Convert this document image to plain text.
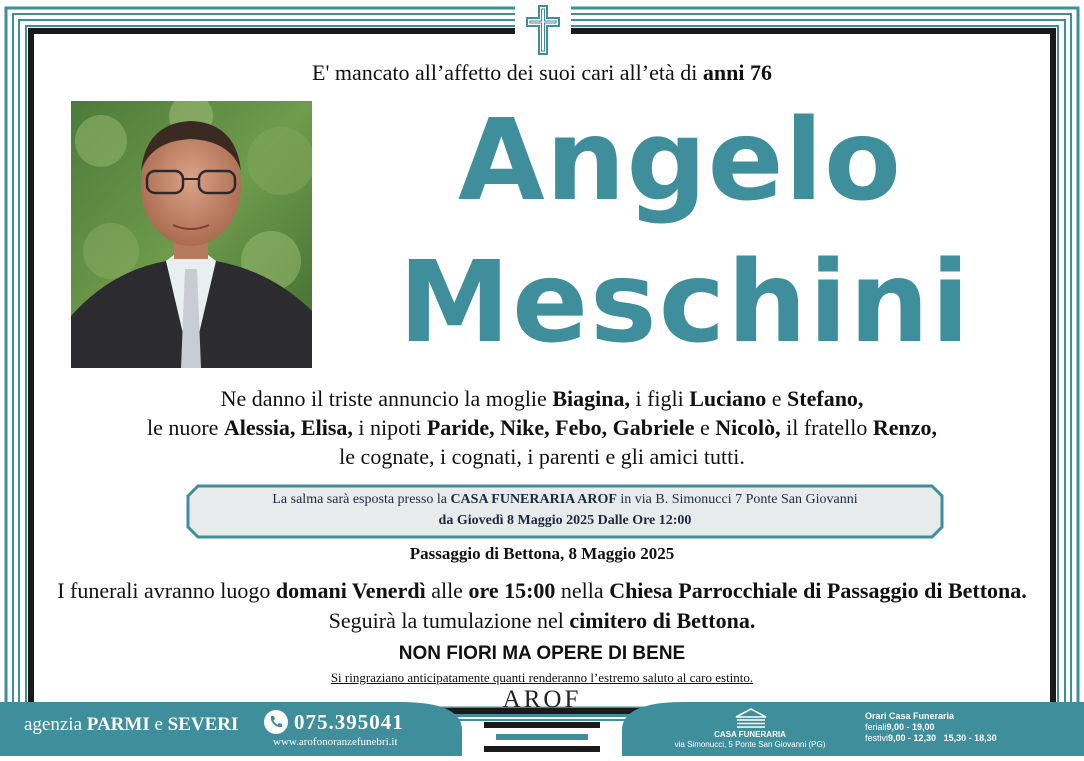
E' mancato all’affetto dei suoi cari all’età di anni 76
Angelo
Meschini
Ne danno il triste annuncio la moglie Biagina, i figli Luciano e Stefano,
le nuore Alessia, Elisa, i nipoti Paride, Nike, Febo, Gabriele e Nicolò, il fratello Renzo,
le cognate, i cognati, i parenti e gli amici tutti.
La salma sarà esposta presso la CASA FUNERARIA AROF in via B. Simonucci 7 Ponte San Giovanni
da Giovedì 8 Maggio 2025 Dalle Ore 12:00
Passaggio di Bettona, 8 Maggio 2025
I funerali avranno luogo domani Venerdì alle ore 15:00 nella Chiesa Parrocchiale di Passaggio di Bettona.
Seguirà la tumulazione nel cimitero di Bettona.
NON FIORI MA OPERE DI BENE
Si ringraziano anticipatamente quanti renderanno l’estremo saluto al caro estinto.
agenzia PARMI e SEVERI	075.395041
www.arofonoranzefunebri.it
AROF
CASA FUNERARIA
via Simonucci, 5 Ponte San Giovanni (PG)
Orari Casa Funeraria
feriali9,00 - 19,00
festivi9,00 - 12,30 15,30 - 18,30
